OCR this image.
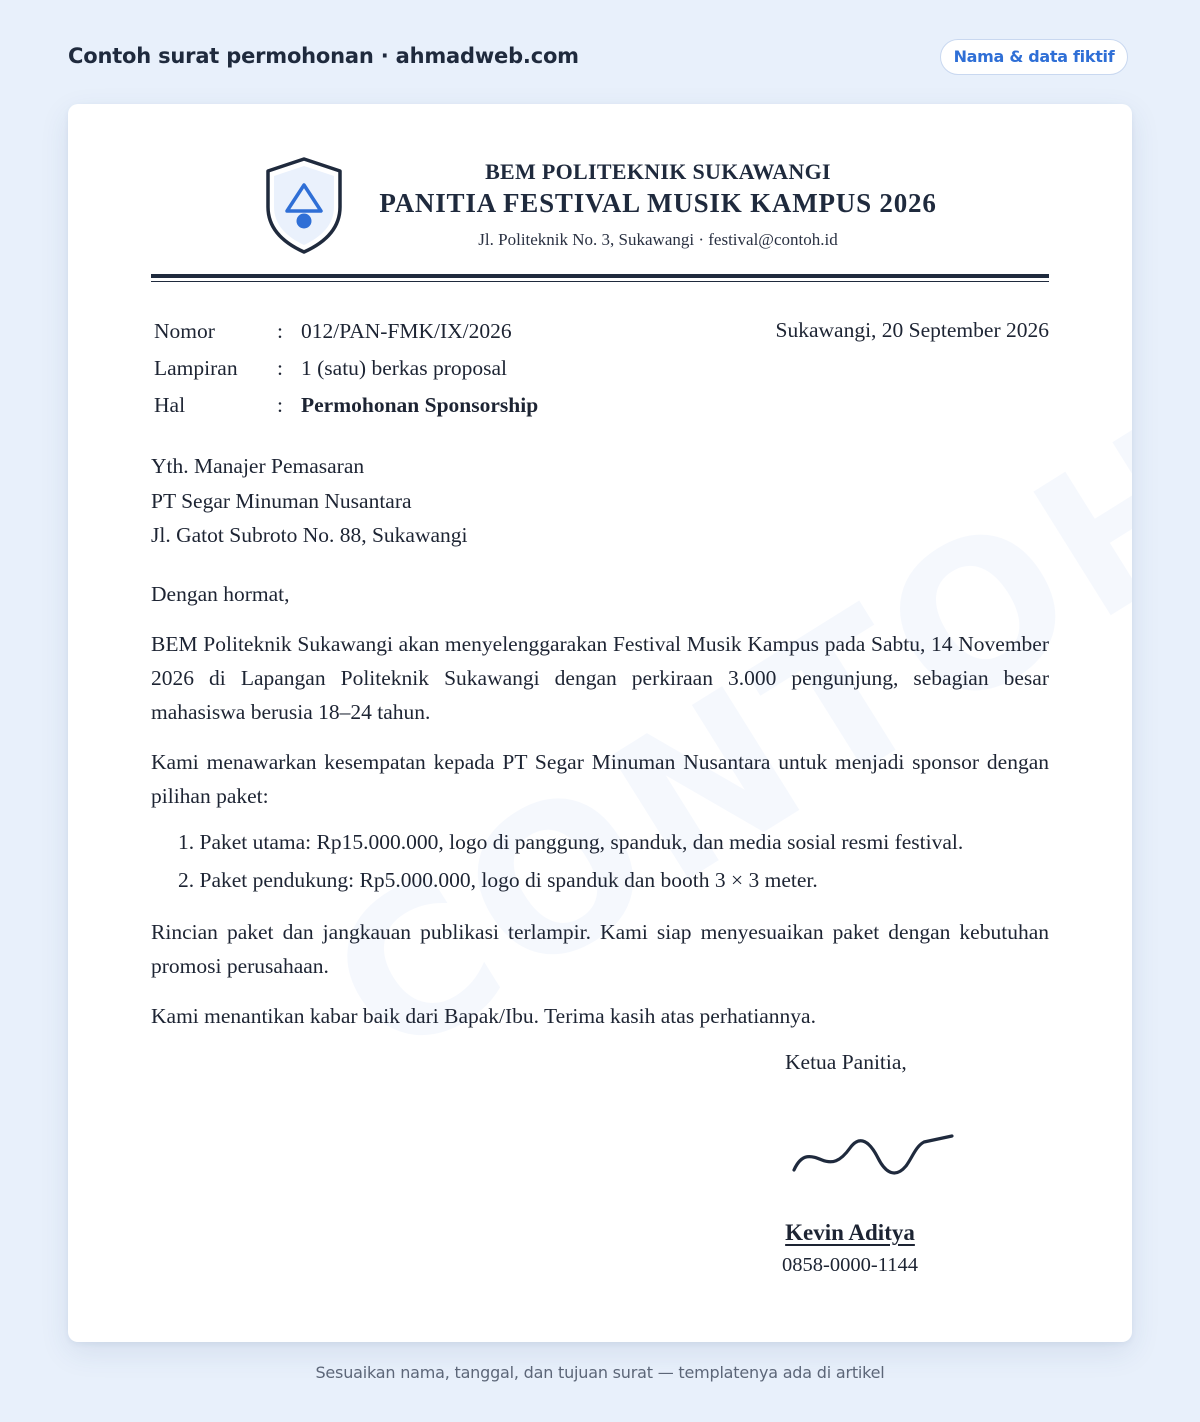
Contoh surat permohonan · ahmadweb.com	Nama & data fiktif
BEM POLITEKNIK SUKAWANGI
PANITIA FESTIVAL MUSIK KAMPUS 2026
Jl. Politeknik No. 3, Sukawangi · festival@contoh.id
Nomor	: 012/PAN-FMK/IX/2026
Lampiran : 1 (satu) berkas proposal
Hal	: Permohonan Sponsorship
Sukawangi, 20 September 2026
Yth. Manajer Pemasaran
PT Segar Minuman Nusantara
Jl. Gatot Subroto No. 88, Sukawangi
Dengan hormat,
BEM Politeknik Sukawangi akan menyelenggarakan Festival Musik Kampus pada Sabtu, 14 November 2026 di Lapangan Politeknik Sukawangi dengan perkiraan 3.000 pengunjung, sebagian besar mahasiswa berusia 18–24 tahun.
Kami menawarkan kesempatan kepada PT Segar Minuman Nusantara untuk menjadi sponsor dengan pilihan paket:
1. Paket utama: Rp15.000.000, logo di panggung, spanduk, dan media sosial resmi festival.
2. Paket pendukung: Rp5.000.000, logo di spanduk dan booth 3 × 3 meter.
Rincian paket dan jangkauan publikasi terlampir. Kami siap menyesuaikan paket dengan kebutuhan promosi perusahaan.
Kami menantikan kabar baik dari Bapak/Ibu. Terima kasih atas perhatiannya.
Ketua Panitia,
Kevin Aditya
0858-0000-1144
Sesuaikan nama, tanggal, dan tujuan surat — templatenya ada di artikel
